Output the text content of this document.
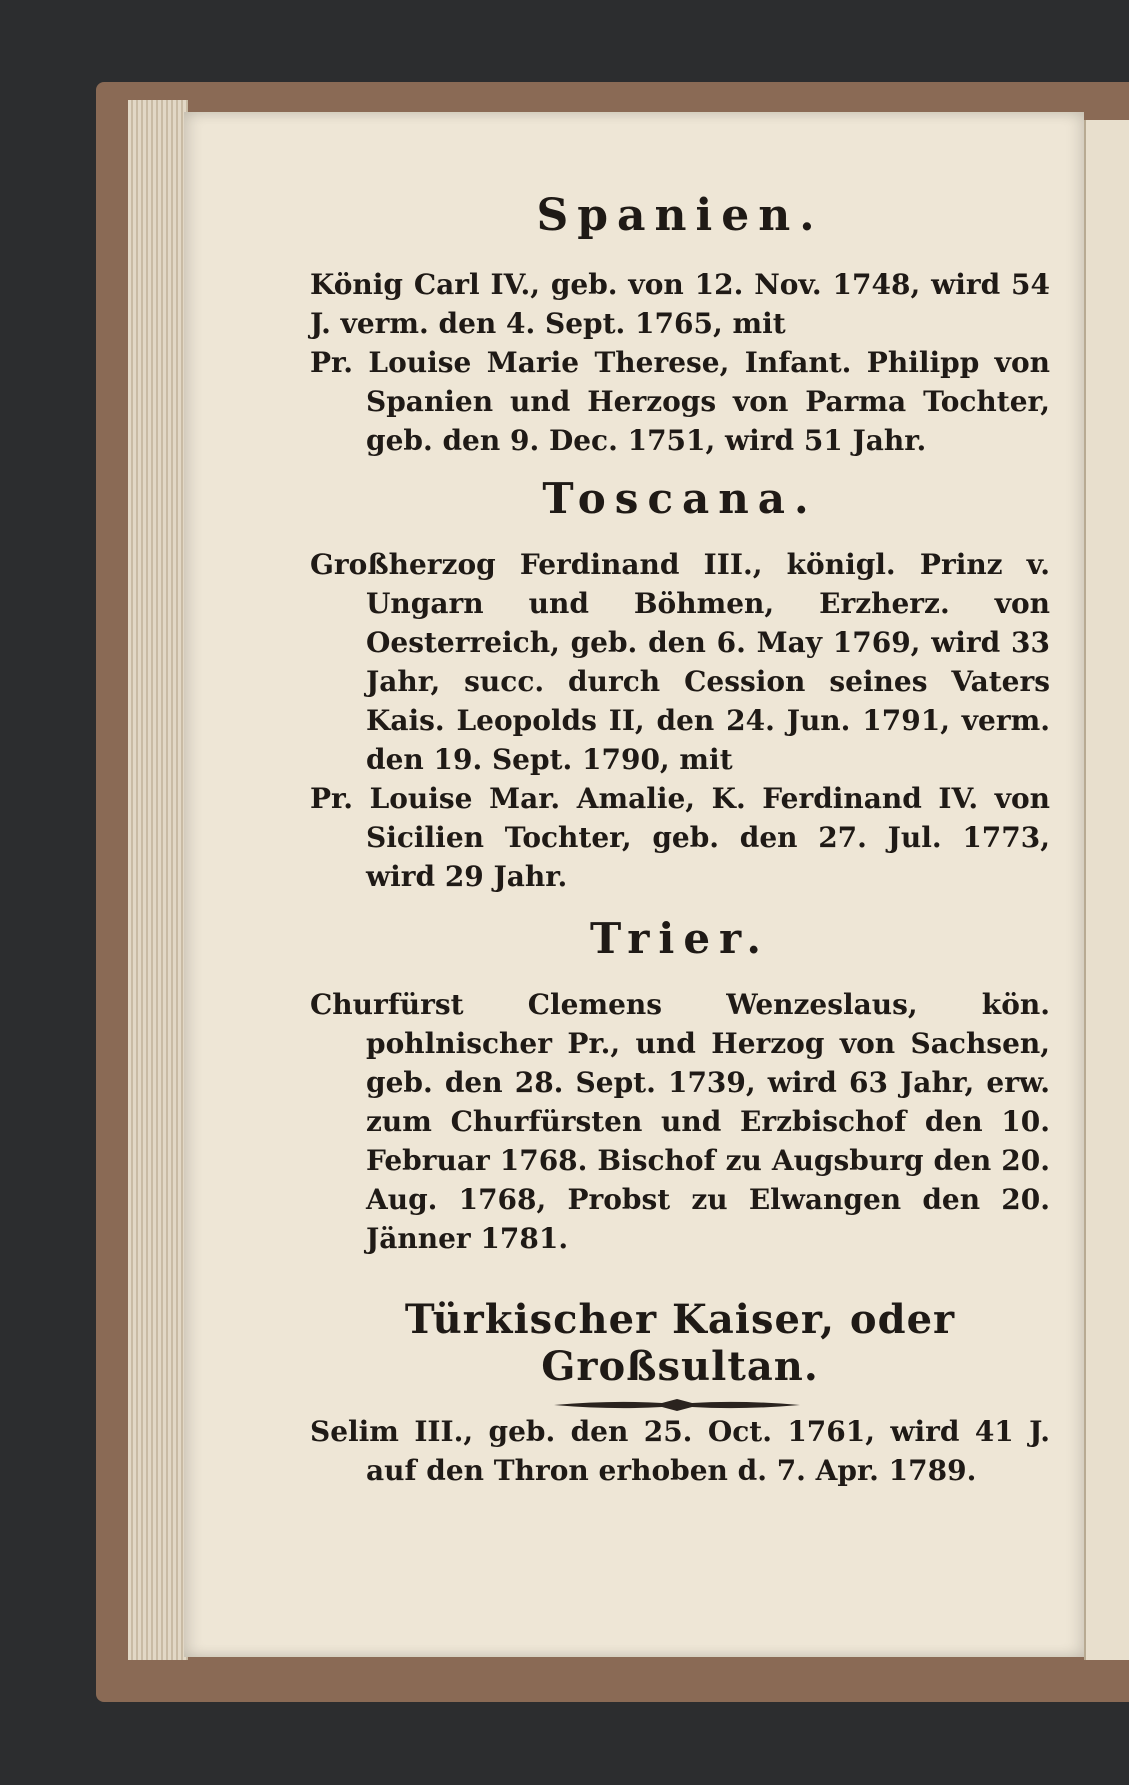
Spanien.

König Carl IV., geb. von 12. Nov. 1748, wird 54 J. verm. den 4. Sept. 1765, mit

Pr. Louise Marie Therese, Infant. Philipp von Spanien und Herzogs von Parma Tochter, geb. den 9. Dec. 1751, wird 51 Jahr.

Toscana.

Großherzog Ferdinand III., königl. Prinz v. Ungarn und Böhmen, Erzherz. von Oesterreich, geb. den 6. May 1769, wird 33 Jahr, succ. durch Cession seines Vaters Kais. Leopolds II, den 24. Jun. 1791, verm. den 19. Sept. 1790, mit

Pr. Louise Mar. Amalie, K. Ferdinand IV. von Sicilien Tochter, geb. den 27. Jul. 1773, wird 29 Jahr.

Trier.

Churfürst Clemens Wenzeslaus, kön. pohlnischer Pr., und Herzog von Sachsen, geb. den 28. Sept. 1739, wird 63 Jahr, erw. zum Churfürsten und Erzbischof den 10. Februar 1768. Bischof zu Augsburg den 20. Aug. 1768, Probst zu Elwangen den 20. Jänner 1781.

Türkischer Kaiser, oder Großsultan.

Selim III., geb. den 25. Oct. 1761, wird 41 J. auf den Thron erhoben d. 7. Apr. 1789.
